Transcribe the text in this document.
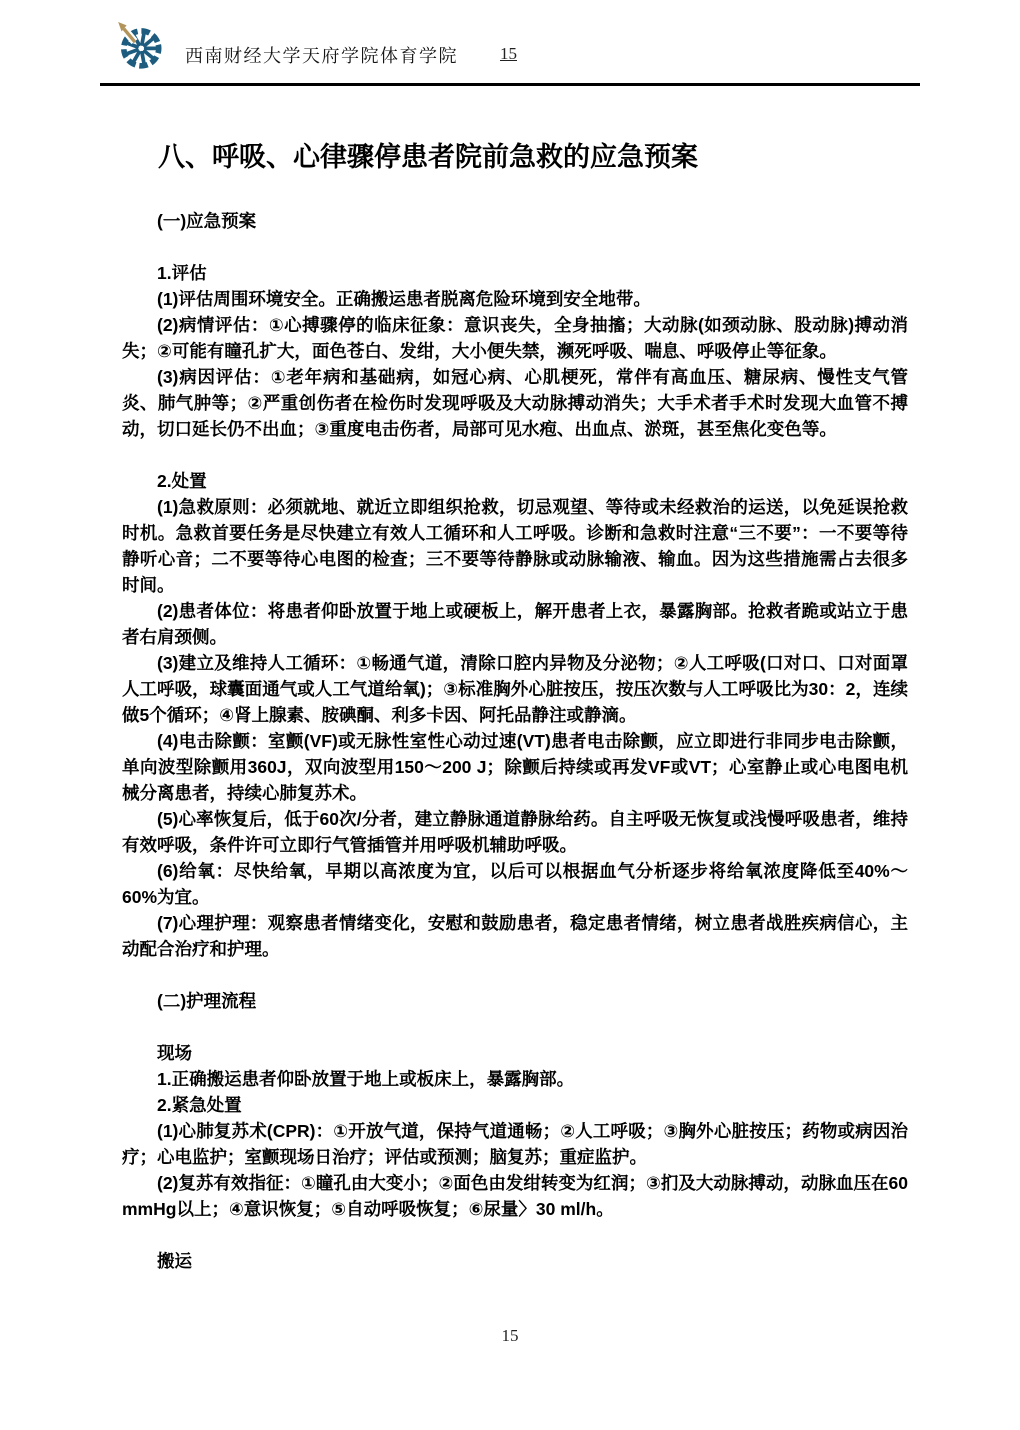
西南财经大学天府学院体育学院 15
八、呼吸、心律骤停患者院前急救的应急预案

(一)应急预案

1.评估

(1)评估周围环境安全。正确搬运患者脱离危险环境到安全地带。

(2)病情评估：①心搏骤停的临床征象：意识丧失，全身抽搐；大动脉(如颈动脉、股动脉)搏动消失；②可能有瞳孔扩大，面色苍白、发绀，大小便失禁，濒死呼吸、喘息、呼吸停止等征象。

(3)病因评估：①老年病和基础病，如冠心病、心肌梗死，常伴有高血压、糖尿病、慢性支气管炎、肺气肿等；②严重创伤者在检伤时发现呼吸及大动脉搏动消失；大手术者手术时发现大血管不搏动，切口延长仍不出血；③重度电击伤者，局部可见水疱、出血点、淤斑，甚至焦化变色等。

2.处置

(1)急救原则：必须就地、就近立即组织抢救，切忌观望、等待或未经救治的运送，以免延误抢救时机。急救首要任务是尽快建立有效人工循环和人工呼吸。诊断和急救时注意“三不要”：一不要等待静听心音；二不要等待心电图的检查；三不要等待静脉或动脉输液、输血。因为这些措施需占去很多时间。

(2)患者体位：将患者仰卧放置于地上或硬板上，解开患者上衣，暴露胸部。抢救者跪或站立于患者右肩颈侧。

(3)建立及维持人工循环：①畅通气道，清除口腔内异物及分泌物；②人工呼吸(口对口、口对面罩人工呼吸，球囊面通气或人工气道给氧)；③标准胸外心脏按压，按压次数与人工呼吸比为30：2，连续做5个循环；④肾上腺素、胺碘酮、利多卡因、阿托品静注或静滴。

(4)电击除颤：室颤(VF)或无脉性室性心动过速(VT)患者电击除颤，应立即进行非同步电击除颤，单向波型除颤用360J，双向波型用150～200 J；除颤后持续或再发VF或VT；心室静止或心电图电机械分离患者，持续心肺复苏术。

(5)心率恢复后，低于60次/分者，建立静脉通道静脉给药。自主呼吸无恢复或浅慢呼吸患者，维持有效呼吸，条件许可立即行气管插管并用呼吸机辅助呼吸。

(6)给氧：尽快给氧，早期以高浓度为宜，以后可以根据血气分析逐步将给氧浓度降低至40%～60%为宜。

(7)心理护理：观察患者情绪变化，安慰和鼓励患者，稳定患者情绪，树立患者战胜疾病信心，主动配合治疗和护理。

(二)护理流程

现场

1.正确搬运患者仰卧放置于地上或板床上，暴露胸部。

2.紧急处置

(1)心肺复苏术(CPR)：①开放气道，保持气道通畅；②人工呼吸；③胸外心脏按压；药物或病因治疗；心电监护；室颤现场日治疗；评估或预测；脑复苏；重症监护。

(2)复苏有效指征：①瞳孔由大变小；②面色由发绀转变为红润；③扪及大动脉搏动，动脉血压在60 mmHg以上；④意识恢复；⑤自动呼吸恢复；⑥尿量〉30 ml/h。

搬运

15
